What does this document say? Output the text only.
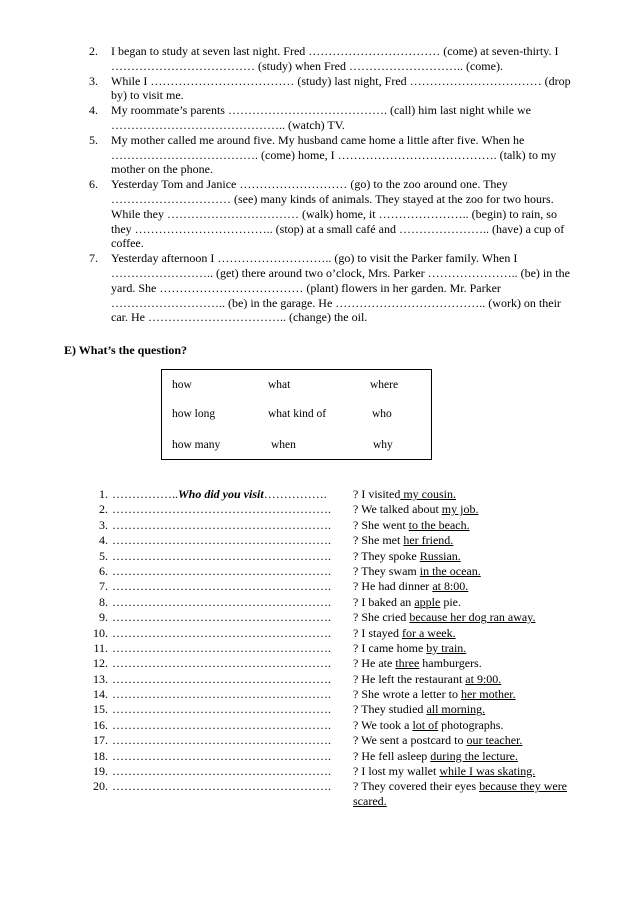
2. I began to study at seven last night. Fred …………………………… (come) at seven-thirty. I ……………………………… (study) when Fred ……………………….. (come).
3. While I ……………………………… (study) last night, Fred …………………………… (drop by) to visit me.
4. My roommate’s parents …………………………………. (call) him last night while we …………………………………….. (watch) TV.
5. My mother called me around five. My husband came home a little after five. When he ………………………………. (come) home, I …………………………………. (talk) to my mother on the phone.
6. Yesterday Tom and Janice ……………………… (go) to the zoo around one. They ………………………… (see) many kinds of animals. They stayed at the zoo for two hours. While they …………………………… (walk) home, it ………………….. (begin) to rain, so they …………………………….. (stop) at a small café and ………………….. (have) a cup of coffee.
7. Yesterday afternoon I ……………………….. (go) to visit the Parker family. When I …………………….. (get) there around two o’clock, Mrs. Parker ………………….. (be) in the yard. She ……………………………… (plant) flowers in her garden. Mr. Parker ……………………….. (be) in the garage. He ……………………………….. (work) on their car. He …………………………….. (change) the oil.
E) What’s the question?
how	what	where
how long	what kind of	who
how many	when	why
1. ……………..Who did you visit……………. ? I visited my cousin.
2. ………………………………………………. ? We talked about my job.
3. ………………………………………………. ? She went to the beach.
4. ………………………………………………. ? She met her friend.
5. ………………………………………………. ? They spoke Russian.
6. ………………………………………………. ? They swam in the ocean.
7. ………………………………………………. ? He had dinner at 8:00.
8. ………………………………………………. ? I baked an apple pie.
9. ………………………………………………. ? She cried because her dog ran away.
10. ………………………………………………. ? I stayed for a week.
11. ………………………………………………. ? I came home by train.
12. ………………………………………………. ? He ate three hamburgers.
13. ………………………………………………. ? He left the restaurant at 9:00.
14. ………………………………………………. ? She wrote a letter to her mother.
15. ………………………………………………. ? They studied all morning.
16. ………………………………………………. ? We took a lot of photographs.
17. ………………………………………………. ? We sent a postcard to our teacher.
18. ………………………………………………. ? He fell asleep during the lecture.
19. ………………………………………………. ? I lost my wallet while I was skating.
20. ………………………………………………. ? They covered their eyes because they were scared.
